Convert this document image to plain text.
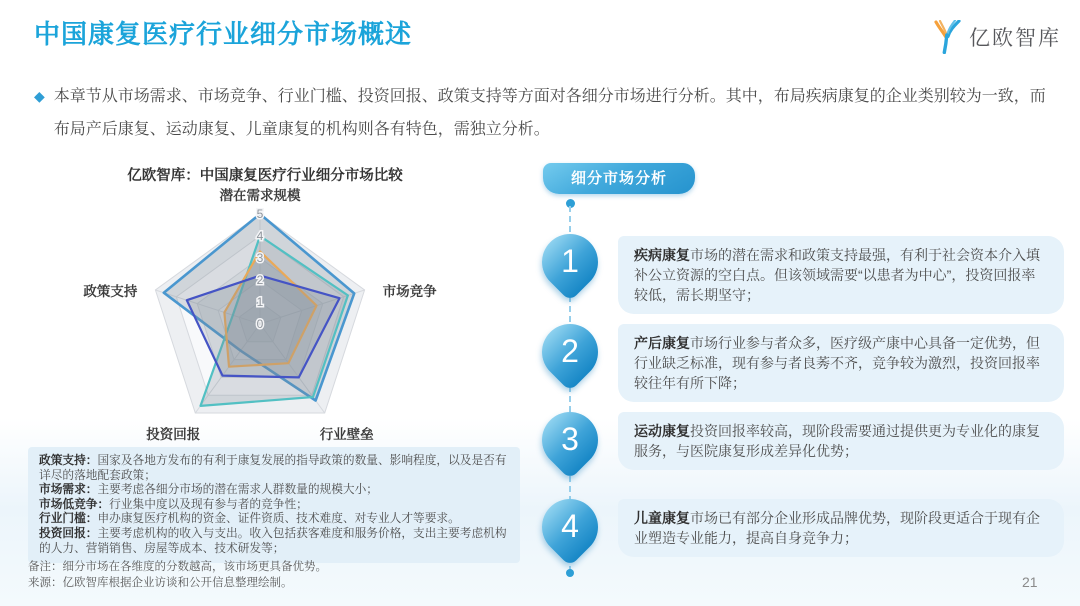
中国康复医疗行业细分市场概述	亿欧智库
◆ 本章节从市场需求、市场竞争、行业门槛、投资回报、政策支持等方面对各细分市场进行分析。其中，布局疾病康复的企业类别较为一致，而布局产后康复、运动康复、儿童康复的机构则各有特色，需独立分析。

亿欧智库：中国康复医疗行业细分市场比较
0
1
2
3
4
5
潜在需求规模
市场竞争
行业壁垒
投资回报
政策支持

政策支持：国家及各地方发布的有利于康复发展的指导政策的数量、影响程度，以及是否有详尽的落地配套政策；

市场需求：主要考虑各细分市场的潜在需求人群数量的规模大小；

市场低竞争：行业集中度以及现有参与者的竞争性；

行业门槛：申办康复医疗机构的资金、证件资质、技术难度、对专业人才等要求。

投资回报：主要考虑机构的收入与支出。收入包括获客难度和服务价格，支出主要考虑机构的人力、营销销售、房屋等成本、技术研发等；

备注：细分市场在各维度的分数越高，该市场更具备优势。

来源：亿欧智库根据企业访谈和公开信息整理绘制。

细分市场分析
1	疾病康复市场的潜在需求和政策支持最强，有利于社会资本介入填补公立资源的空白点。但该领域需要“以患者为中心”，投资回报率较低，需长期坚守；

2	产后康复市场行业参与者众多，医疗级产康中心具备一定优势，但行业缺乏标准，现有参与者良莠不齐，竞争较为激烈，投资回报率较往年有所下降；

3	运动康复投资回报率较高，现阶段需要通过提供更为专业化的康复服务，与医院康复形成差异化优势；

4	儿童康复市场已有部分企业形成品牌优势，现阶段更适合于现有企业塑造专业能力，提高自身竞争力；

21
